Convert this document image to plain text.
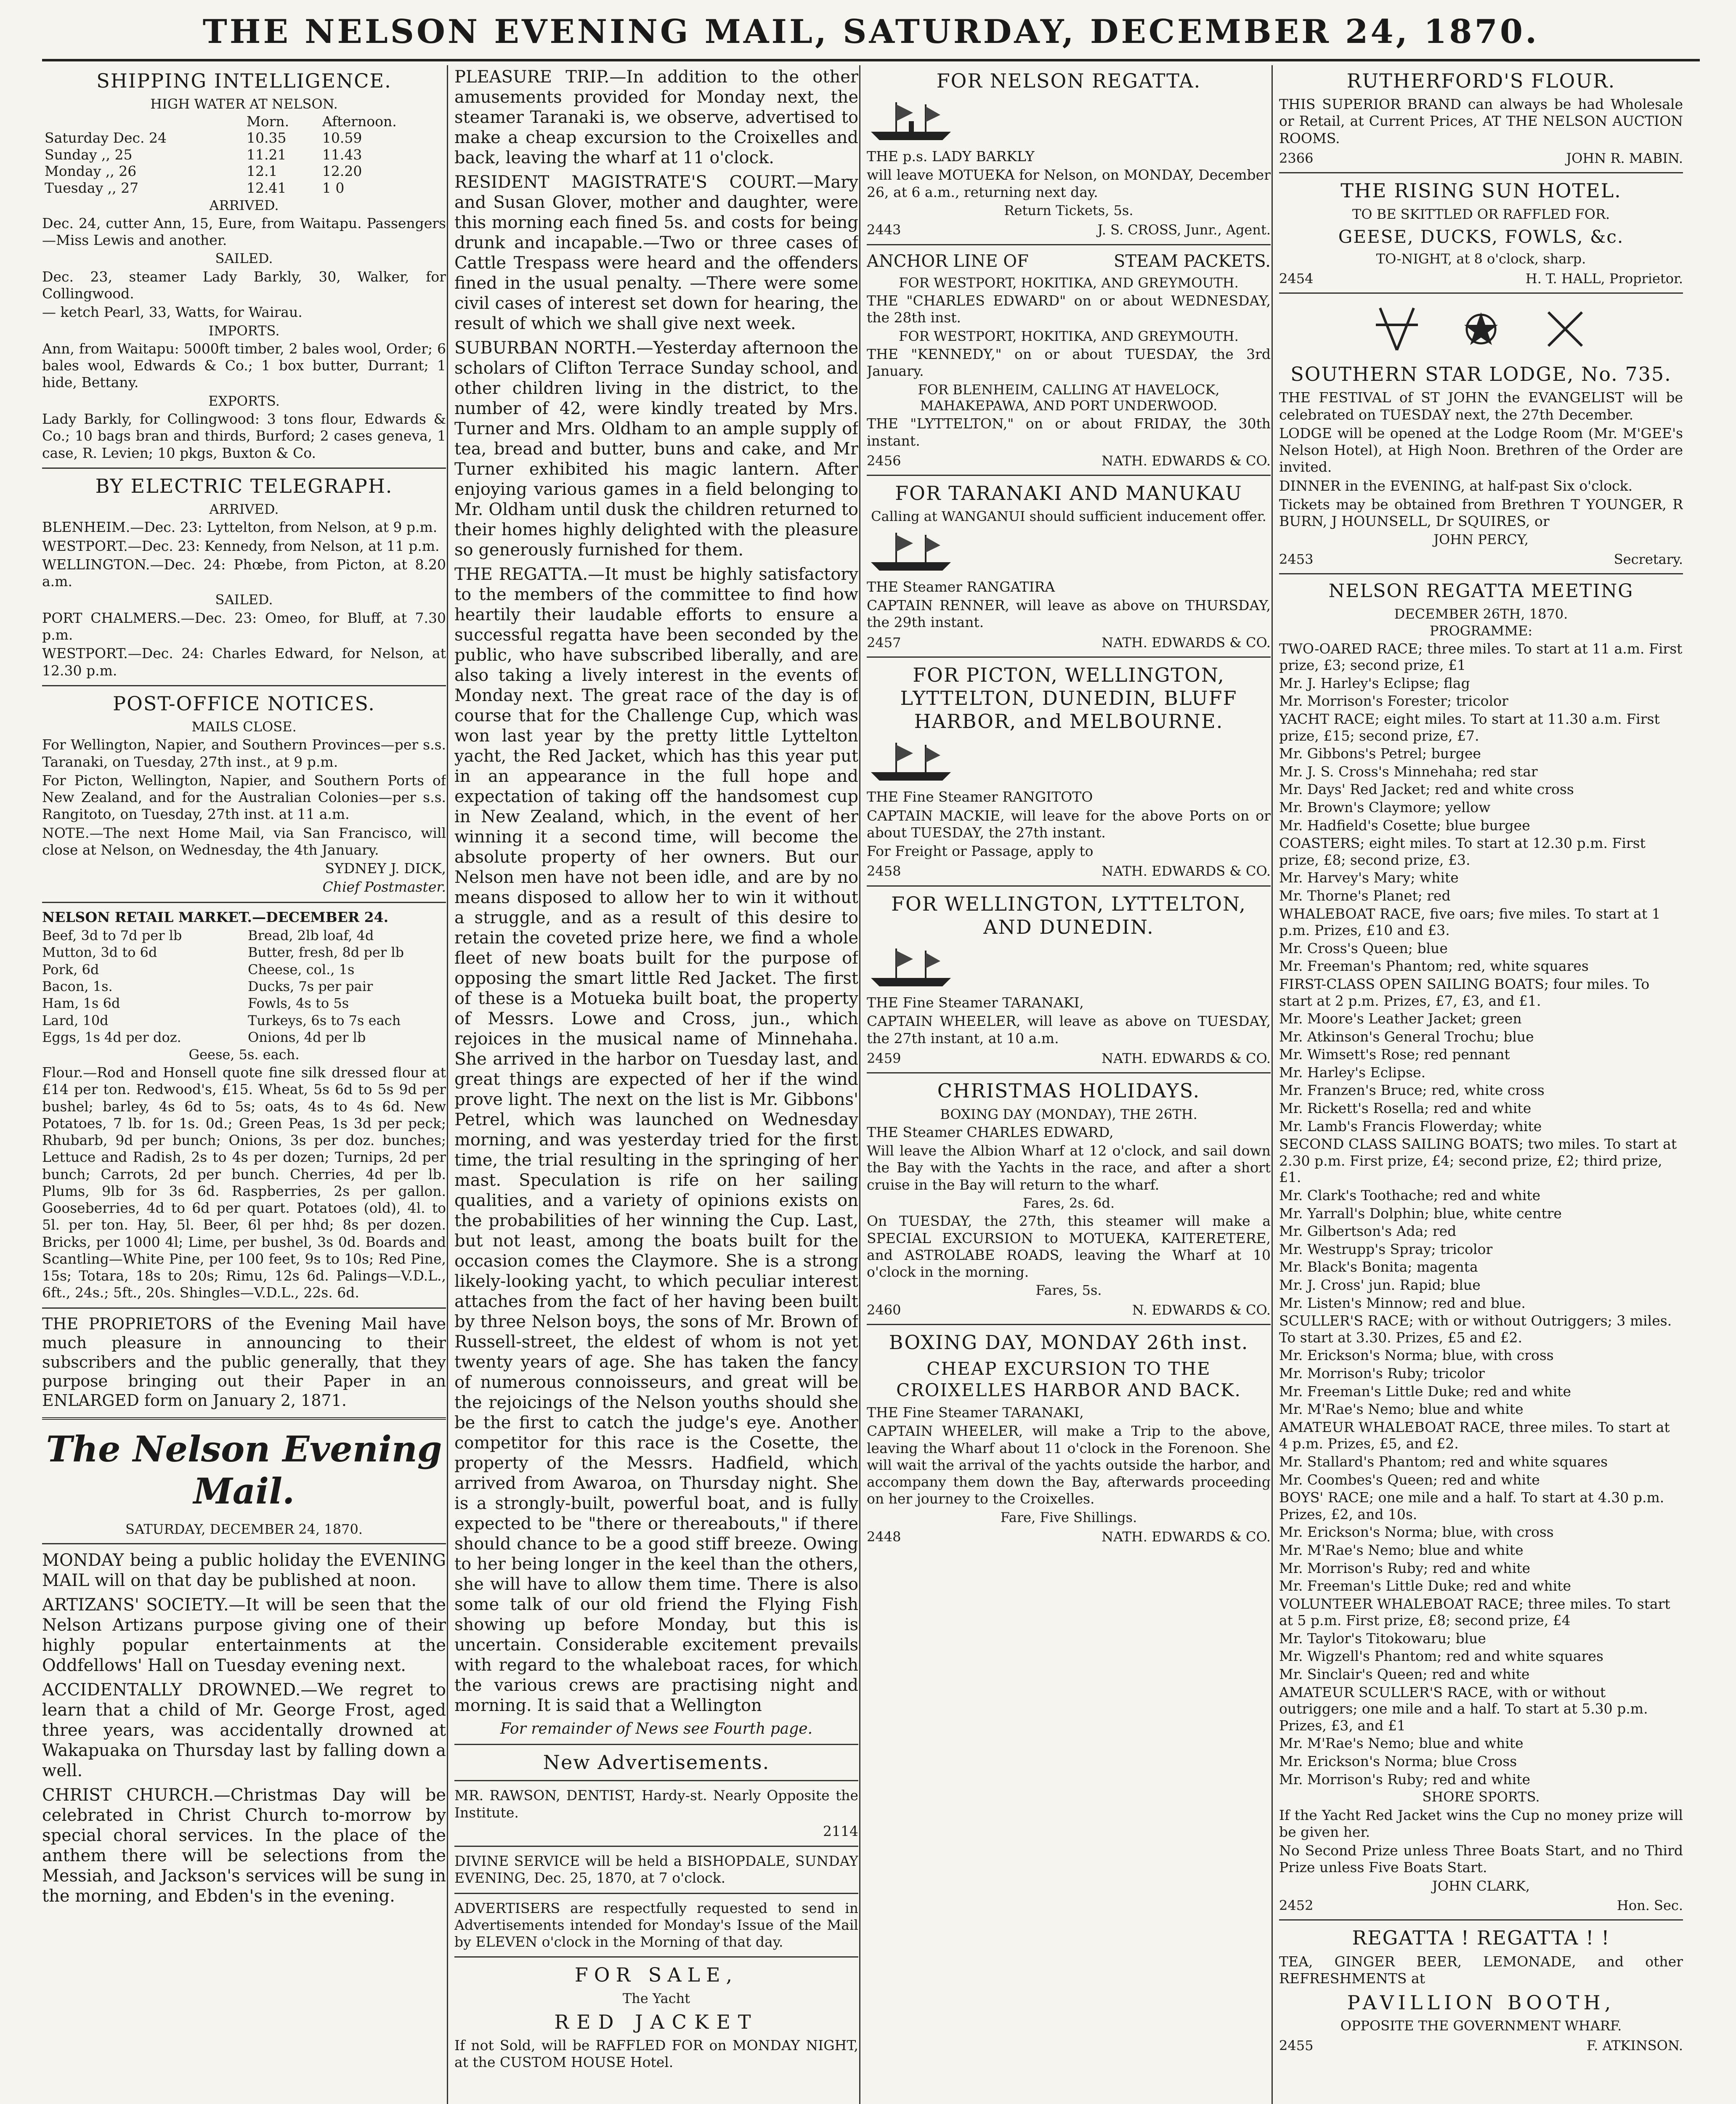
THE NELSON EVENING MAIL, SATURDAY, DECEMBER 24, 1870.
SHIPPING INTELLIGENCE.
HIGH WATER AT NELSON.
	Morn.	Afternoon.
Saturday Dec. 24	10.35	10.59
Sunday ,, 25	11.21	11.43
Monday ,, 26	12.1	12.20
Tuesday ,, 27	12.41	1 0
ARRIVED.
Dec. 24, cutter Ann, 15, Eure, from Waitapu. Passengers—Miss Lewis and another.
SAILED.
Dec. 23, steamer Lady Barkly, 30, Walker, for Collingwood.
— ketch Pearl, 33, Watts, for Wairau.
IMPORTS.
Ann, from Waitapu: 5000ft timber, 2 bales wool, Order; 6 bales wool, Edwards & Co.; 1 box butter, Durrant; 1 hide, Bettany.
EXPORTS.
Lady Barkly, for Collingwood: 3 tons flour, Edwards & Co.; 10 bags bran and thirds, Burford; 2 cases geneva, 1 case, R. Levien; 10 pkgs, Buxton & Co.
BY ELECTRIC TELEGRAPH.
ARRIVED.
BLENHEIM.—Dec. 23: Lyttelton, from Nelson, at 9 p.m.
WESTPORT.—Dec. 23: Kennedy, from Nelson, at 11 p.m.
WELLINGTON.—Dec. 24: Phœbe, from Picton, at 8.20 a.m.
SAILED.
PORT CHALMERS.—Dec. 23: Omeo, for Bluff, at 7.30 p.m.
WESTPORT.—Dec. 24: Charles Edward, for Nelson, at 12.30 p.m.
POST-OFFICE NOTICES.
MAILS CLOSE.
For Wellington, Napier, and Southern Provinces—per s.s. Taranaki, on Tuesday, 27th inst., at 9 p.m.
For Picton, Wellington, Napier, and Southern Ports of New Zealand, and for the Australian Colonies—per s.s. Rangitoto, on Tuesday, 27th inst. at 11 a.m.
NOTE.—The next Home Mail, via San Francisco, will close at Nelson, on Wednesday, the 4th January.
SYDNEY J. DICK,
Chief Postmaster.
NELSON RETAIL MARKET.—DECEMBER 24.
Beef, 3d to 7d per lb	Bread, 2lb loaf, 4d
Mutton, 3d to 6d	Butter, fresh, 8d per lb
Pork, 6d	Cheese, col., 1s
Bacon, 1s.	Ducks, 7s per pair
Ham, 1s 6d	Fowls, 4s to 5s
Lard, 10d	Turkeys, 6s to 7s each
Eggs, 1s 4d per doz.	Onions, 4d per lb
Geese, 5s. each.
Flour.—Rod and Honsell quote fine silk dressed flour at £14 per ton. Redwood's, £15. Wheat, 5s 6d to 5s 9d per bushel; barley, 4s 6d to 5s; oats, 4s to 4s 6d. New Potatoes, 7 lb. for 1s. 0d.; Green Peas, 1s 3d per peck; Rhubarb, 9d per bunch; Onions, 3s per doz. bunches; Lettuce and Radish, 2s to 4s per dozen; Turnips, 2d per bunch; Carrots, 2d per bunch. Cherries, 4d per lb. Plums, 9lb for 3s 6d. Raspberries, 2s per gallon. Gooseberries, 4d to 6d per quart. Potatoes (old), 4l. to 5l. per ton. Hay, 5l. Beer, 6l per hhd; 8s per dozen. Bricks, per 1000 4l; Lime, per bushel, 3s 0d. Boards and Scantling—White Pine, per 100 feet, 9s to 10s; Red Pine, 15s; Totara, 18s to 20s; Rimu, 12s 6d. Palings—V.D.L., 6ft., 24s.; 5ft., 20s. Shingles—V.D.L., 22s. 6d.
THE PROPRIETORS of the Evening Mail have much pleasure in announcing to their subscribers and the public generally, that they purpose bringing out their Paper in an ENLARGED form on January 2, 1871.
The Nelson Evening Mail.
SATURDAY, DECEMBER 24, 1870.
MONDAY being a public holiday the EVENING MAIL will on that day be published at noon.
ARTIZANS' SOCIETY.—It will be seen that the Nelson Artizans purpose giving one of their highly popular entertainments at the Oddfellows' Hall on Tuesday evening next.
ACCIDENTALLY DROWNED.—We regret to learn that a child of Mr. George Frost, aged three years, was accidentally drowned at Wakapuaka on Thursday last by falling down a well.
CHRIST CHURCH.—Christmas Day will be celebrated in Christ Church to-morrow by special choral services. In the place of the anthem there will be selections from the Messiah, and Jackson's services will be sung in the morning, and Ebden's in the evening.
PLEASURE TRIP.—In addition to the other amusements provided for Monday next, the steamer Taranaki is, we observe, advertised to make a cheap excursion to the Croixelles and back, leaving the wharf at 11 o'clock.
RESIDENT MAGISTRATE'S COURT.—Mary and Susan Glover, mother and daughter, were this morning each fined 5s. and costs for being drunk and incapable.—Two or three cases of Cattle Trespass were heard and the offenders fined in the usual penalty. —There were some civil cases of interest set down for hearing, the result of which we shall give next week.
SUBURBAN NORTH.—Yesterday afternoon the scholars of Clifton Terrace Sunday school, and other children living in the district, to the number of 42, were kindly treated by Mrs. Turner and Mrs. Oldham to an ample supply of tea, bread and butter, buns and cake, and Mr Turner exhibited his magic lantern. After enjoying various games in a field belonging to Mr. Oldham until dusk the children returned to their homes highly delighted with the pleasure so generously furnished for them.
THE REGATTA.—It must be highly satisfactory to the members of the committee to find how heartily their laudable efforts to ensure a successful regatta have been seconded by the public, who have subscribed liberally, and are also taking a lively interest in the events of Monday next. The great race of the day is of course that for the Challenge Cup, which was won last year by the pretty little Lyttelton yacht, the Red Jacket, which has this year put in an appearance in the full hope and expectation of taking off the handsomest cup in New Zealand, which, in the event of her winning it a second time, will become the absolute property of her owners. But our Nelson men have not been idle, and are by no means disposed to allow her to win it without a struggle, and as a result of this desire to retain the coveted prize here, we find a whole fleet of new boats built for the purpose of opposing the smart little Red Jacket. The first of these is a Motueka built boat, the property of Messrs. Lowe and Cross, jun., which rejoices in the musical name of Minnehaha. She arrived in the harbor on Tuesday last, and great things are expected of her if the wind prove light. The next on the list is Mr. Gibbons' Petrel, which was launched on Wednesday morning, and was yesterday tried for the first time, the trial resulting in the springing of her mast. Speculation is rife on her sailing qualities, and a variety of opinions exists on the probabilities of her winning the Cup. Last, but not least, among the boats built for the occasion comes the Claymore. She is a strong likely-looking yacht, to which peculiar interest attaches from the fact of her having been built by three Nelson boys, the sons of Mr. Brown of Russell-street, the eldest of whom is not yet twenty years of age. She has taken the fancy of numerous connoisseurs, and great will be the rejoicings of the Nelson youths should she be the first to catch the judge's eye. Another competitor for this race is the Cosette, the property of the Messrs. Hadfield, which arrived from Awaroa, on Thursday night. She is a strongly-built, powerful boat, and is fully expected to be "there or thereabouts," if there should chance to be a good stiff breeze. Owing to her being longer in the keel than the others, she will have to allow them time. There is also some talk of our old friend the Flying Fish showing up before Monday, but this is uncertain. Considerable excitement prevails with regard to the whaleboat races, for which the various crews are practising night and morning. It is said that a Wellington
For remainder of News see Fourth page.
New Advertisements.
MR. RAWSON, DENTIST, Hardy-st. Nearly Opposite the Institute.
2114
DIVINE SERVICE will be held a BISHOPDALE, SUNDAY EVENING, Dec. 25, 1870, at 7 o'clock.
ADVERTISERS are respectfully requested to send in Advertisements intended for Monday's Issue of the Mail by ELEVEN o'clock in the Morning of that day.
FOR SALE,
The Yacht
RED JACKET
If not Sold, will be RAFFLED FOR on MONDAY NIGHT, at the CUSTOM HOUSE Hotel.
FOR NELSON REGATTA.
THE p.s. LADY BARKLY
will leave MOTUEKA for Nelson, on MONDAY, December 26, at 6 a.m., returning next day.
Return Tickets, 5s.
2443	J. S. CROSS, Junr., Agent.
ANCHOR LINE OF	STEAM PACKETS.
FOR WESTPORT, HOKITIKA, AND GREYMOUTH.
THE "CHARLES EDWARD" on or about WEDNESDAY, the 28th inst.
FOR WESTPORT, HOKITIKA, AND GREYMOUTH.
THE "KENNEDY," on or about TUESDAY, the 3rd January.
FOR BLENHEIM, CALLING AT HAVELOCK, MAHAKEPAWA, AND PORT UNDERWOOD.
THE "LYTTELTON," on or about FRIDAY, the 30th instant.
2456	NATH. EDWARDS & CO.
FOR TARANAKI AND MANUKAU
Calling at WANGANUI should sufficient inducement offer.
THE Steamer RANGATIRA
CAPTAIN RENNER, will leave as above on THURSDAY, the 29th instant.
2457	NATH. EDWARDS & CO.
FOR PICTON, WELLINGTON, LYTTELTON, DUNEDIN, BLUFF HARBOR, and MELBOURNE.
THE Fine Steamer RANGITOTO
CAPTAIN MACKIE, will leave for the above Ports on or about TUESDAY, the 27th instant.
For Freight or Passage, apply to
2458	NATH. EDWARDS & CO.
FOR WELLINGTON, LYTTELTON, AND DUNEDIN.
THE Fine Steamer TARANAKI,
CAPTAIN WHEELER, will leave as above on TUESDAY, the 27th instant, at 10 a.m.
2459	NATH. EDWARDS & CO.
CHRISTMAS HOLIDAYS.
BOXING DAY (MONDAY), THE 26TH.
THE Steamer CHARLES EDWARD,
Will leave the Albion Wharf at 12 o'clock, and sail down the Bay with the Yachts in the race, and after a short cruise in the Bay will return to the wharf.
Fares, 2s. 6d.
On TUESDAY, the 27th, this steamer will make a SPECIAL EXCURSION to MOTUEKA, KAITERETERE, and ASTROLABE ROADS, leaving the Wharf at 10 o'clock in the morning.
Fares, 5s.
2460	N. EDWARDS & CO.
BOXING DAY, MONDAY 26th inst.
CHEAP EXCURSION TO THE CROIXELLES HARBOR AND BACK.
THE Fine Steamer TARANAKI,
CAPTAIN WHEELER, will make a Trip to the above, leaving the Wharf about 11 o'clock in the Forenoon. She will wait the arrival of the yachts outside the harbor, and accompany them down the Bay, afterwards proceeding on her journey to the Croixelles.
Fare, Five Shillings.
2448	NATH. EDWARDS & CO.
RUTHERFORD'S FLOUR.
THIS SUPERIOR BRAND can always be had Wholesale or Retail, at Current Prices, AT THE NELSON AUCTION ROOMS.
2366	JOHN R. MABIN.
THE RISING SUN HOTEL.
TO BE SKITTLED OR RAFFLED FOR.
GEESE, DUCKS, FOWLS, &c.
TO-NIGHT, at 8 o'clock, sharp.
2454	H. T. HALL, Proprietor.
SOUTHERN STAR LODGE, No. 735.
THE FESTIVAL of ST JOHN the EVANGELIST will be celebrated on TUESDAY next, the 27th December.
LODGE will be opened at the Lodge Room (Mr. M'GEE's Nelson Hotel), at High Noon. Brethren of the Order are invited.
DINNER in the EVENING, at half-past Six o'clock.
Tickets may be obtained from Brethren T YOUNGER, R BURN, J HOUNSELL, Dr SQUIRES, or
JOHN PERCY,
2453	Secretary.
NELSON REGATTA MEETING
DECEMBER 26TH, 1870.
PROGRAMME:
TWO-OARED RACE; three miles. To start at 11 a.m. First prize, £3; second prize, £1
Mr. J. Harley's Eclipse; flag
Mr. Morrison's Forester; tricolor
YACHT RACE; eight miles. To start at 11.30 a.m. First prize, £15; second prize, £7.
Mr. Gibbons's Petrel; burgee
Mr. J. S. Cross's Minnehaha; red star
Mr. Days' Red Jacket; red and white cross
Mr. Brown's Claymore; yellow
Mr. Hadfield's Cosette; blue burgee
COASTERS; eight miles. To start at 12.30 p.m. First prize, £8; second prize, £3.
Mr. Harvey's Mary; white
Mr. Thorne's Planet; red
WHALEBOAT RACE, five oars; five miles. To start at 1 p.m. Prizes, £10 and £3.
Mr. Cross's Queen; blue
Mr. Freeman's Phantom; red, white squares
FIRST-CLASS OPEN SAILING BOATS; four miles. To start at 2 p.m. Prizes, £7, £3, and £1.
Mr. Moore's Leather Jacket; green
Mr. Atkinson's General Trochu; blue
Mr. Wimsett's Rose; red pennant
Mr. Harley's Eclipse.
Mr. Franzen's Bruce; red, white cross
Mr. Rickett's Rosella; red and white
Mr. Lamb's Francis Flowerday; white
SECOND CLASS SAILING BOATS; two miles. To start at 2.30 p.m. First prize, £4; second prize, £2; third prize, £1.
Mr. Clark's Toothache; red and white
Mr. Yarrall's Dolphin; blue, white centre
Mr. Gilbertson's Ada; red
Mr. Westrupp's Spray; tricolor
Mr. Black's Bonita; magenta
Mr. J. Cross' jun. Rapid; blue
Mr. Listen's Minnow; red and blue.
SCULLER'S RACE; with or without Outriggers; 3 miles. To start at 3.30. Prizes, £5 and £2.
Mr. Erickson's Norma; blue, with cross
Mr. Morrison's Ruby; tricolor
Mr. Freeman's Little Duke; red and white
Mr. M'Rae's Nemo; blue and white
AMATEUR WHALEBOAT RACE, three miles. To start at 4 p.m. Prizes, £5, and £2.
Mr. Stallard's Phantom; red and white squares
Mr. Coombes's Queen; red and white
BOYS' RACE; one mile and a half. To start at 4.30 p.m. Prizes, £2, and 10s.
Mr. Erickson's Norma; blue, with cross
Mr. M'Rae's Nemo; blue and white
Mr. Morrison's Ruby; red and white
Mr. Freeman's Little Duke; red and white
VOLUNTEER WHALEBOAT RACE; three miles. To start at 5 p.m. First prize, £8; second prize, £4
Mr. Taylor's Titokowaru; blue
Mr. Wigzell's Phantom; red and white squares
Mr. Sinclair's Queen; red and white
AMATEUR SCULLER'S RACE, with or without outriggers; one mile and a half. To start at 5.30 p.m. Prizes, £3, and £1
Mr. M'Rae's Nemo; blue and white
Mr. Erickson's Norma; blue Cross
Mr. Morrison's Ruby; red and white
SHORE SPORTS.
If the Yacht Red Jacket wins the Cup no money prize will be given her.
No Second Prize unless Three Boats Start, and no Third Prize unless Five Boats Start.
JOHN CLARK,
2452	Hon. Sec.
REGATTA ! REGATTA ! !
TEA, GINGER BEER, LEMONADE, and other REFRESHMENTS at
PAVILLION BOOTH,
OPPOSITE THE GOVERNMENT WHARF.
2455	F. ATKINSON.
